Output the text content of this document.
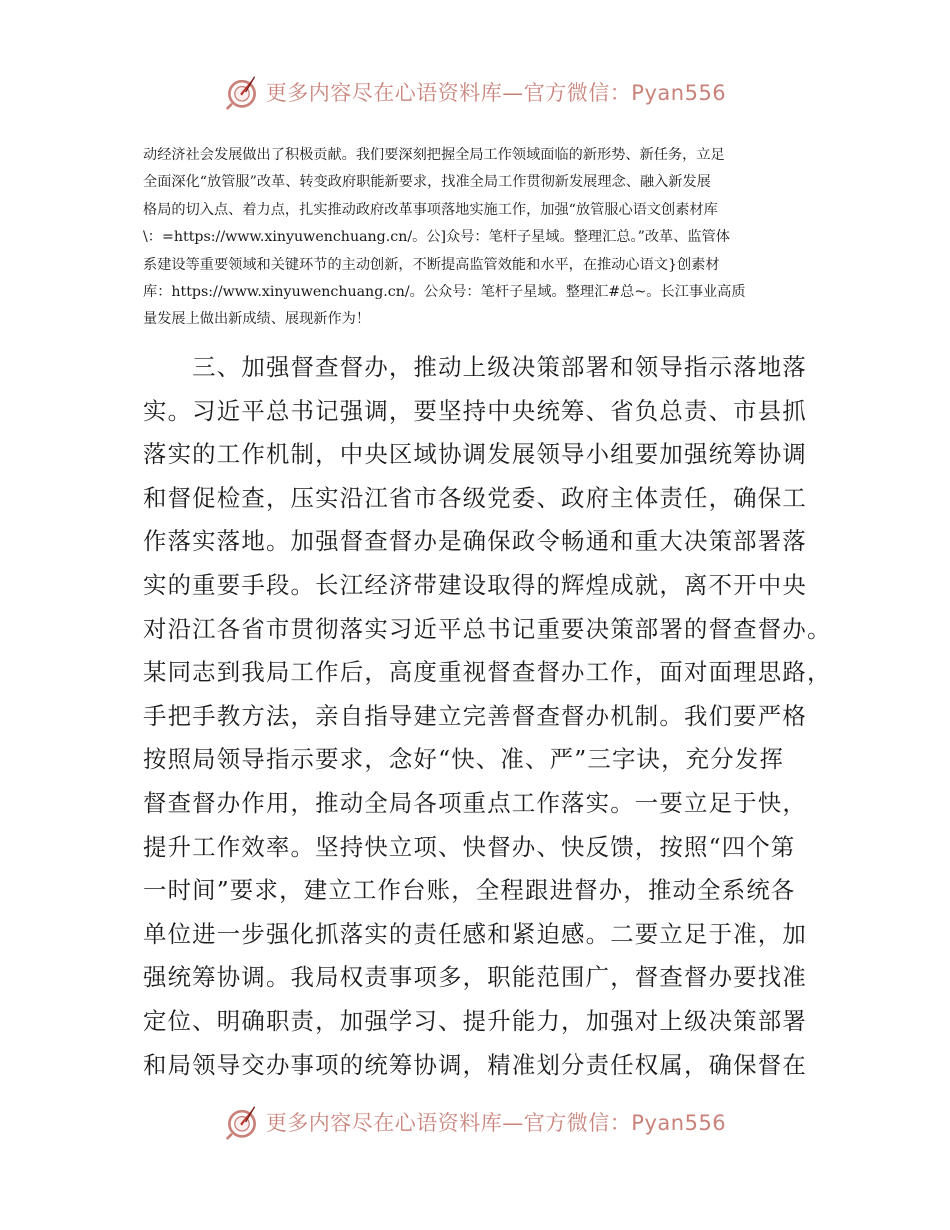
更多内容尽在心语资料库—官方微信：Pyan556

动经济社会发展做出了积极贡献。我们要深刻把握全局工作领域面临的新形势、新任务，立足

全面深化“放管服”改革、转变政府职能新要求，找准全局工作贯彻新发展理念、融入新发展

格局的切入点、着力点，扎实推动政府改革事项落地实施工作，加强“放管服心语文创素材库

\：=https://www.xinyuwenchuang.cn/。公]众号：笔杆子星域。整理汇总。”改革、监管体

系建设等重要领域和关键环节的主动创新，不断提高监管效能和水平，在推动心语文}创素材

库：https://www.xinyuwenchuang.cn/。公众号：笔杆子星域。整理汇#总~。长江事业高质

量发展上做出新成绩、展现新作为！

　　三、加强督查督办，推动上级决策部署和领导指示落地落

实。习近平总书记强调，要坚持中央统筹、省负总责、市县抓

落实的工作机制，中央区域协调发展领导小组要加强统筹协调

和督促检查，压实沿江省市各级党委、政府主体责任，确保工

作落实落地。加强督查督办是确保政令畅通和重大决策部署落

实的重要手段。长江经济带建设取得的辉煌成就，离不开中央

对沿江各省市贯彻落实习近平总书记重要决策部署的督查督办。

某同志到我局工作后，高度重视督查督办工作，面对面理思路，

手把手教方法，亲自指导建立完善督查督办机制。我们要严格

按照局领导指示要求，念好“快、准、严”三字诀，充分发挥

督查督办作用，推动全局各项重点工作落实。一要立足于快，

提升工作效率。坚持快立项、快督办、快反馈，按照“四个第

一时间”要求，建立工作台账，全程跟进督办，推动全系统各

单位进一步强化抓落实的责任感和紧迫感。二要立足于准，加

强统筹协调。我局权责事项多，职能范围广，督查督办要找准

定位、明确职责，加强学习、提升能力，加强对上级决策部署

和局领导交办事项的统筹协调，精准划分责任权属，确保督在

更多内容尽在心语资料库—官方微信：Pyan556
